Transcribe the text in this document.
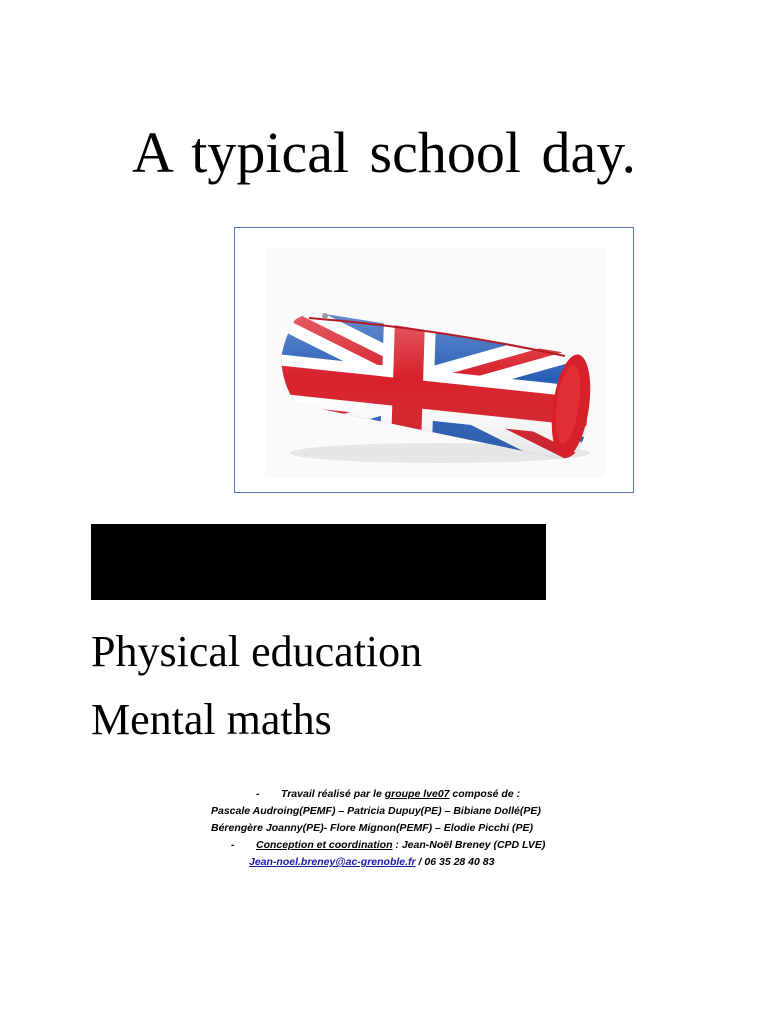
A typical school day.

Physical education

Mental maths

- Travail réalisé par le groupe lve07 composé de :
Pascale Audroing(PEMF) – Patricia Dupuy(PE) – Bibiane Dollé(PE)
Bérengère Joanny(PE)- Flore Mignon(PEMF) – Elodie Picchi (PE)
- Conception et coordination : Jean-Noël Breney (CPD LVE)
Jean-noel.breney@ac-grenoble.fr / 06 35 28 40 83
